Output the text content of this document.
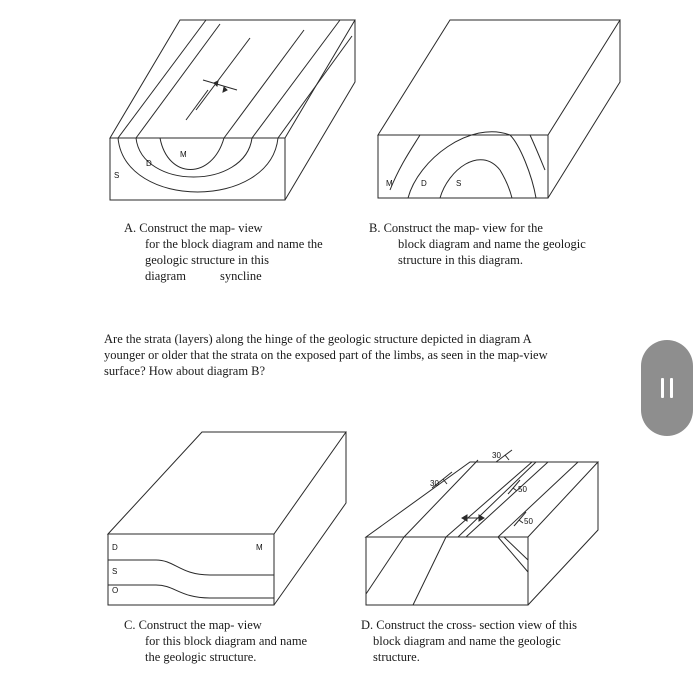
S
D
M
M	D	S
D
S
O
M
30
30
50
50
A. Construct the map- view
for the block diagram and name the
geologic structure in this
diagram	syncline
B. Construct the map- view for the
block diagram and name the geologic
structure in this diagram.
Are the strata (layers) along the hinge of the geologic structure depicted in diagram A
younger or older that the strata on the exposed part of the limbs, as seen in the map-view
surface? How about diagram B?
C. Construct the map- view
for this block diagram and name
the geologic structure.
D. Construct the cross- section view of this
block diagram and name the geologic
structure.
